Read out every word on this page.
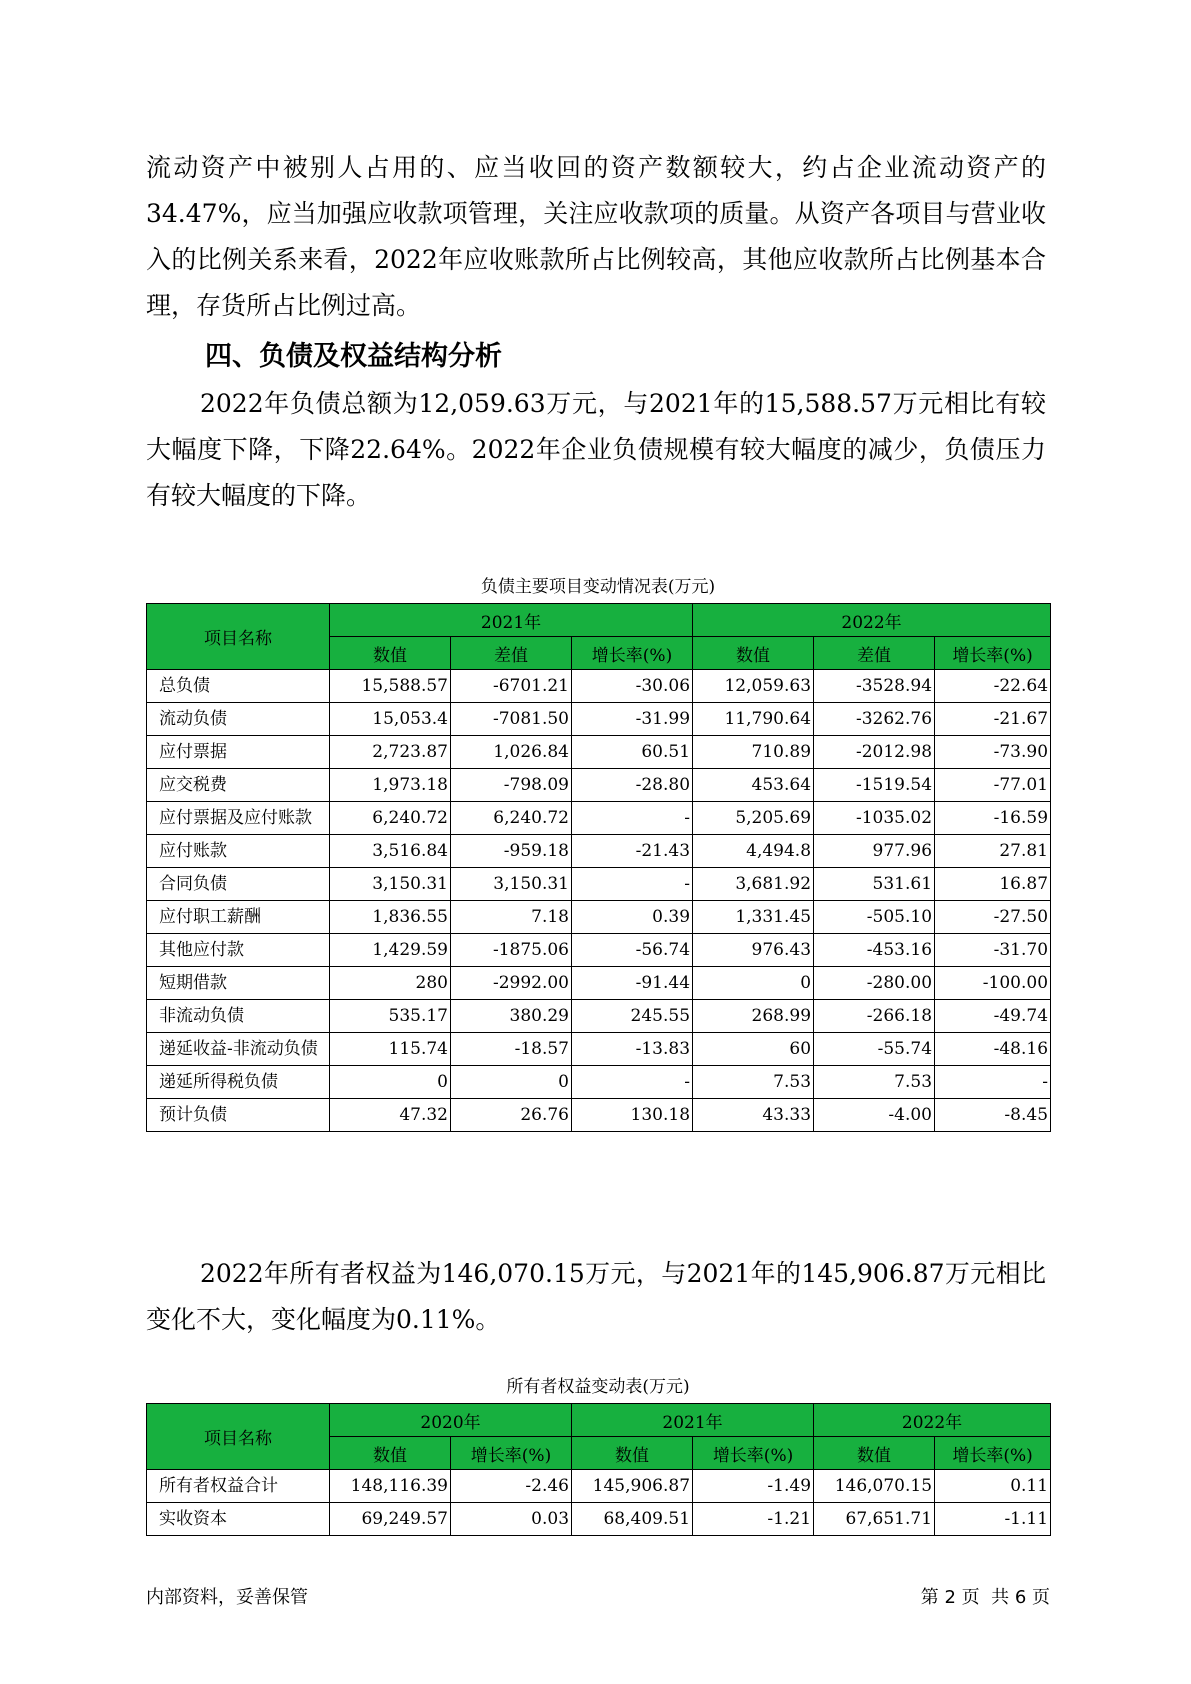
流动资产中被别人占用的、应当收回的资产数额较大，约占企业流动资产的34.47%，应当加强应收款项管理，关注应收款项的质量。从资产各项目与营业收入的比例关系来看，2022年应收账款所占比例较高，其他应收款所占比例基本合理，存货所占比例过高。

四、负债及权益结构分析

2022年负债总额为12,059.63万元，与2021年的15,588.57万元相比有较大幅度下降，下降22.64%。2022年企业负债规模有较大幅度的减少，负债压力有较大幅度的下降。

负债主要项目变动情况表(万元)
项目名称	2021年			2022年		
	数值	差值	增长率(%)	数值	差值	增长率(%)
总负债	15,588.57	-6701.21	-30.06	12,059.63	-3528.94	-22.64
流动负债	15,053.4	-7081.50	-31.99	11,790.64	-3262.76	-21.67
应付票据	2,723.87	1,026.84	60.51	710.89	-2012.98	-73.90
应交税费	1,973.18	-798.09	-28.80	453.64	-1519.54	-77.01
应付票据及应付账款	6,240.72	6,240.72	-	5,205.69	-1035.02	-16.59
应付账款	3,516.84	-959.18	-21.43	4,494.8	977.96	27.81
合同负债	3,150.31	3,150.31	-	3,681.92	531.61	16.87
应付职工薪酬	1,836.55	7.18	0.39	1,331.45	-505.10	-27.50
其他应付款	1,429.59	-1875.06	-56.74	976.43	-453.16	-31.70
短期借款	280	-2992.00	-91.44	0	-280.00	-100.00
非流动负债	535.17	380.29	245.55	268.99	-266.18	-49.74
递延收益-非流动负债	115.74	-18.57	-13.83	60	-55.74	-48.16
递延所得税负债	0	0	-	7.53	7.53	-
预计负债	47.32	26.76	130.18	43.33	-4.00	-8.45

2022年所有者权益为146,070.15万元，与2021年的145,906.87万元相比变化不大，变化幅度为0.11%。

所有者权益变动表(万元)
项目名称	2020年		2021年		2022年	
	数值	增长率(%)	数值	增长率(%)	数值	增长率(%)
所有者权益合计	148,116.39	-2.46	145,906.87	-1.49	146,070.15	0.11
实收资本	69,249.57	0.03	68,409.51	-1.21	67,651.71	-1.11
内部资料，妥善保管	第 2 页  共 6 页
